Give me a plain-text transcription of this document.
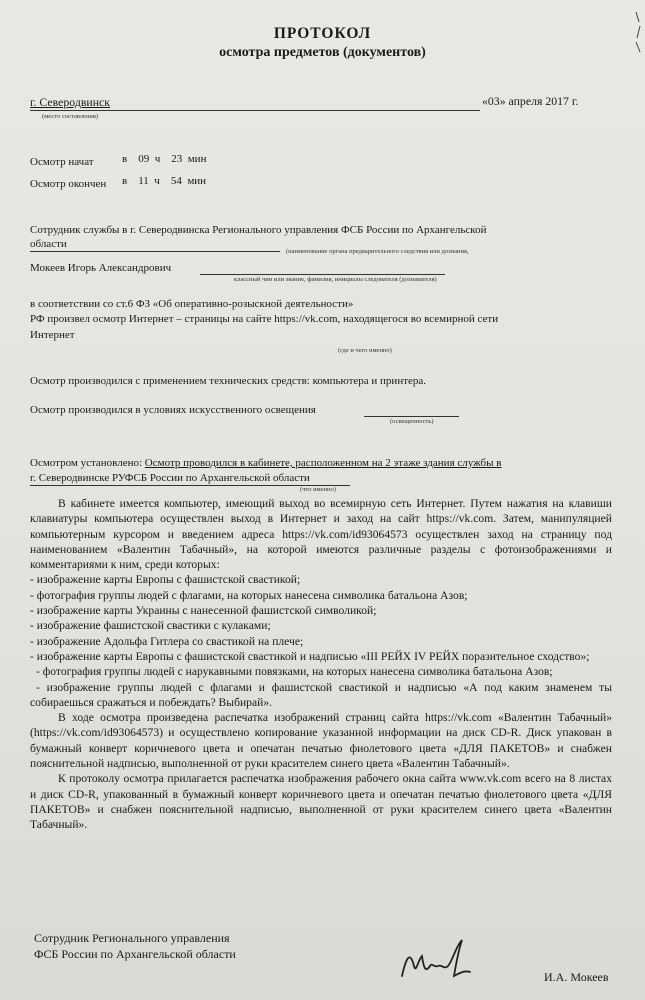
ПРОТОКОЛ
осмотра предметов (документов)
г. Северодвинск
(место составления)
«03» апреля 2017 г.
Осмотр начат	в    09  ч    23  мин
Осмотр окончен в    11  ч    54  мин
Сотрудник службы в г. Северодвинска Регионального управления ФСБ России по Архангельской
области
(наименование органа предварительного следствия или дознания,
Мокеев Игорь Александрович
классный чин или звание, фамилия, инициалы следователя (дознавателя)
в соответствии со ст.6 ФЗ «Об оперативно-розыскной деятельности»
РФ произвел осмотр Интернет – страницы на сайте https://vk.com, находящегося во всемирной сети
Интернет
(где и чего именно)
Осмотр производился с применением технических средств: компьютера и принтера.
Осмотр производился в условиях искусственного освещения
(освещенность)
Осмотром установлено: Осмотр проводился в кабинете, расположенном на 2 этаже здания службы в
г. Северодвинске РУФСБ России по Архангельской области
(что именно)

В кабинете имеется компьютер, имеющий выход во всемирную сеть Интернет. Путем нажатия на клавиши клавиатуры компьютера осуществлен выход в Интернет и заход на сайт https://vk.com. Затем, манипуляцией компьютерным курсором и введением адреса https://vk.com/id93064573 осуществлен заход на страницу под наименованием «Валентин Табачный», на которой имеются различные разделы с фотоизображениями и комментариями к ним, среди которых:

- изображение карты Европы с фашистской свастикой;

- фотография группы людей с флагами, на которых нанесена символика батальона Азов;

- изображение карты Украины с нанесенной фашистской символикой;

- изображение фашистской свастики с кулаками;

- изображение Адольфа Гитлера со свастикой на плече;

- изображение карты Европы с фашистской свастикой и надписью «III РЕЙХ IV РЕЙХ поразительное сходство»;

- фотография группы людей с нарукавными повязками, на которых нанесена символика батальона Азов;

- изображение группы людей с флагами и фашистской свастикой и надписью «А под каким знаменем ты собираешься сражаться и побеждать? Выбирай».

В ходе осмотра произведена распечатка изображений страниц сайта https://vk.com «Валентин Табачный» (https://vk.com/id93064573) и осуществлено копирование указанной информации на диск CD-R. Диск упакован в бумажный конверт коричневого цвета и опечатан печатью фиолетового цвета «ДЛЯ ПАКЕТОВ» и снабжен пояснительной надписью, выполненной от руки красителем синего цвета «Валентин Табачный».

К протоколу осмотра прилагается распечатка изображения рабочего окна сайта www.vk.com всего на 8 листах и диск CD-R, упакованный в бумажный конверт коричневого цвета и опечатан печатью фиолетового цвета «ДЛЯ ПАКЕТОВ» и снабжен пояснительной надписью, выполненной от руки красителем синего цвета «Валентин Табачный».

Сотрудник Регионального управления
ФСБ России по Архангельской области
И.А. Мокеев
